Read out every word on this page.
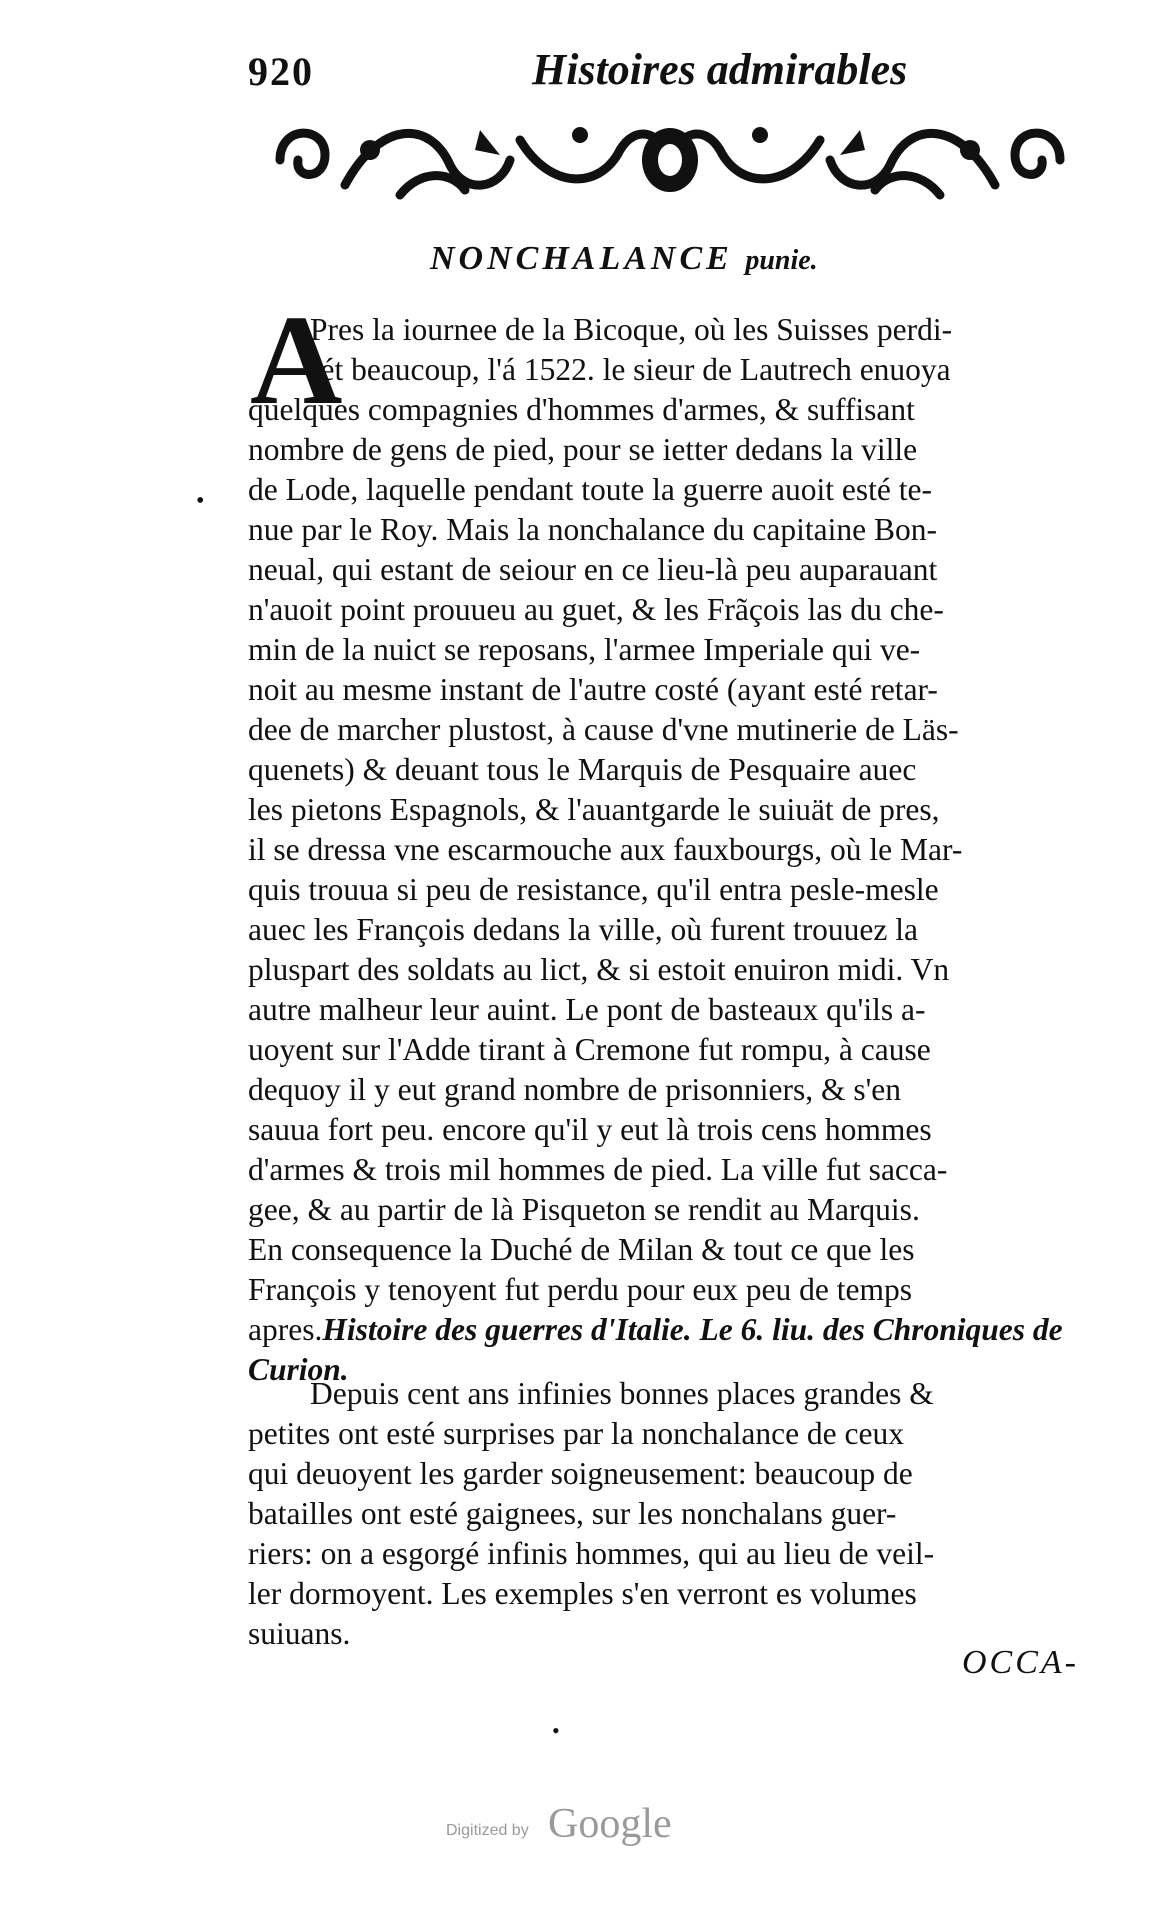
920	Histoires admirables
NONCHALANCE punie.
A
•
Pres la iournee de la Bicoque, où les Suisses perdi-
rét beaucoup, l'á 1522. le sieur de Lautrech enuoya
quelques compagnies d'hommes d'armes, & suffisant
nombre de gens de pied, pour se ietter dedans la ville
de Lode, laquelle pendant toute la guerre auoit esté te-
nue par le Roy. Mais la nonchalance du capitaine Bon-
neual, qui estant de seiour en ce lieu-là peu auparauant
n'auoit point prouueu au guet, & les Frãçois las du che-
min de la nuict se reposans, l'armee Imperiale qui ve-
noit au mesme instant de l'autre costé (ayant esté retar-
dee de marcher plustost, à cause d'vne mutinerie de Läs-
quenets) & deuant tous le Marquis de Pesquaire auec
les pietons Espagnols, & l'auantgarde le suiuät de pres,
il se dressa vne escarmouche aux fauxbourgs, où le Mar-
quis trouua si peu de resistance, qu'il entra pesle-mesle
auec les François dedans la ville, où furent trouuez la
pluspart des soldats au lict, & si estoit enuiron midi. Vn
autre malheur leur auint. Le pont de basteaux qu'ils a-
uoyent sur l'Adde tirant à Cremone fut rompu, à cause
dequoy il y eut grand nombre de prisonniers, & s'en
sauua fort peu. encore qu'il y eut là trois cens hommes
d'armes & trois mil hommes de pied. La ville fut sacca-
gee, & au partir de là Pisqueton se rendit au Marquis.
En consequence la Duché de Milan & tout ce que les
François y tenoyent fut perdu pour eux peu de temps
apres.Histoire des guerres d'Italie. Le 6. liu. des Chroniques de
Curion.
Depuis cent ans infinies bonnes places grandes &
petites ont esté surprises par la nonchalance de ceux
qui deuoyent les garder soigneusement: beaucoup de
batailles ont esté gaignees, sur les nonchalans guer-
riers: on a esgorgé infinis hommes, qui au lieu de veil-
ler dormoyent. Les exemples s'en verront es volumes
suiuans.
OCCA-
•
Digitized by Google
